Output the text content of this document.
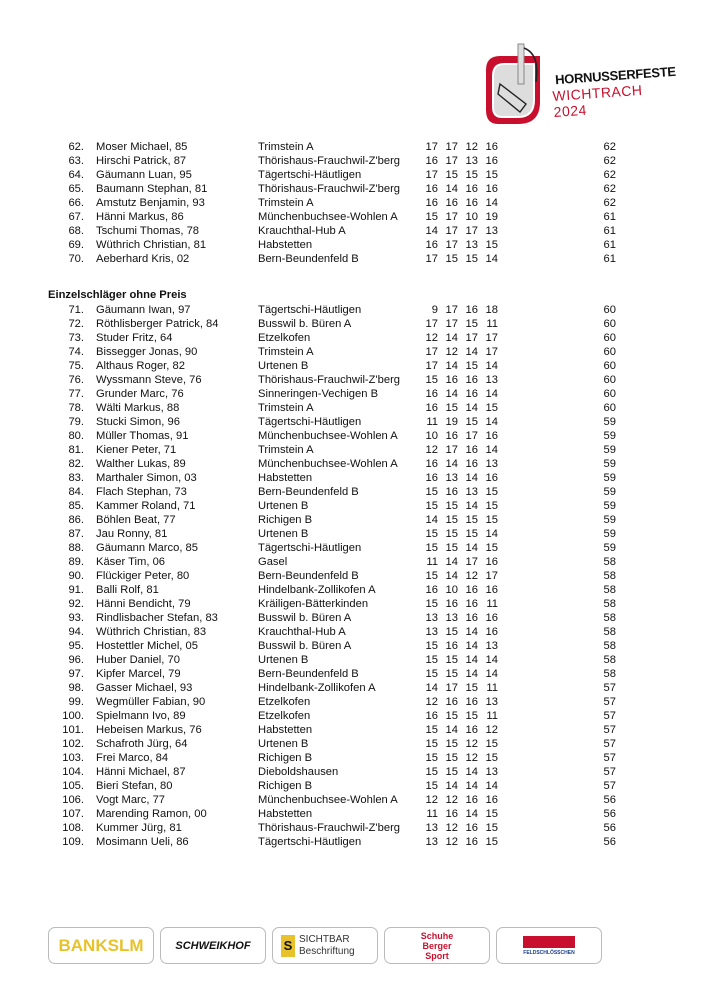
HORNUSSERFESTE
WICHTRACH 2024
62. Moser Michael, 85	Trimstein A	17 17 12 16	62
63. Hirschi Patrick, 87	Thörishaus-Frauchwil-Z'berg	16 17 13 16	62
64. Gäumann Luan, 95	Tägertschi-Häutligen	17 15 15 15	62
65. Baumann Stephan, 81	Thörishaus-Frauchwil-Z'berg	16 14 16 16	62
66. Amstutz Benjamin, 93	Trimstein A	16 16 16 14	62
67. Hänni Markus, 86	Münchenbuchsee-Wohlen A	15 17 10 19	61
68. Tschumi Thomas, 78	Krauchthal-Hub A	14 17 17 13	61
69. Wüthrich Christian, 81	Habstetten	16 17 13 15	61
70. Aeberhard Kris, 02	Bern-Beundenfeld B	17 15 15 14	61
Einzelschläger ohne Preis
71. Gäumann Iwan, 97	Tägertschi-Häutligen	9 17 16 18	60
72. Röthlisberger Patrick, 84	Busswil b. Büren A	17 17 15 11	60
73. Studer Fritz, 64	Etzelkofen	12 14 17 17	60
74. Bissegger Jonas, 90	Trimstein A	17 12 14 17	60
75. Althaus Roger, 82	Urtenen B	17 14 15 14	60
76. Wyssmann Steve, 76	Thörishaus-Frauchwil-Z'berg	15 16 16 13	60
77. Grunder Marc, 76	Sinneringen-Vechigen B	16 14 16 14	60
78. Wälti Markus, 88	Trimstein A	16 15 14 15	60
79. Stucki Simon, 96	Tägertschi-Häutligen	11 19 15 14	59
80. Müller Thomas, 91	Münchenbuchsee-Wohlen A	10 16 17 16	59
81. Kiener Peter, 71	Trimstein A	12 17 16 14	59
82. Walther Lukas, 89	Münchenbuchsee-Wohlen A	16 14 16 13	59
83. Marthaler Simon, 03	Habstetten	16 13 14 16	59
84. Flach Stephan, 73	Bern-Beundenfeld B	15 16 13 15	59
85. Kammer Roland, 71	Urtenen B	15 15 14 15	59
86. Böhlen Beat, 77	Richigen B	14 15 15 15	59
87. Jau Ronny, 81	Urtenen B	15 15 15 14	59
88. Gäumann Marco, 85	Tägertschi-Häutligen	15 15 14 15	59
89. Käser Tim, 06	Gasel	11 14 17 16	58
90. Flückiger Peter, 80	Bern-Beundenfeld B	15 14 12 17	58
91. Balli Rolf, 81	Hindelbank-Zollikofen A	16 10 16 16	58
92. Hänni Bendicht, 79	Kräiligen-Bätterkinden	15 16 16 11	58
93. Rindlisbacher Stefan, 83	Busswil b. Büren A	13 13 16 16	58
94. Wüthrich Christian, 83	Krauchthal-Hub A	13 15 14 16	58
95. Hostettler Michel, 05	Busswil b. Büren A	15 16 14 13	58
96. Huber Daniel, 70	Urtenen B	15 15 14 14	58
97. Kipfer Marcel, 79	Bern-Beundenfeld B	15 15 14 14	58
98. Gasser Michael, 93	Hindelbank-Zollikofen A	14 17 15 11	57
99. Wegmüller Fabian, 90	Etzelkofen	12 16 16 13	57
100. Spielmann Ivo, 89	Etzelkofen	16 15 15 11	57
101. Hebeisen Markus, 76	Habstetten	15 14 16 12	57
102. Schafroth Jürg, 64	Urtenen B	15 15 12 15	57
103. Frei Marco, 84	Richigen B	15 15 12 15	57
104. Hänni Michael, 87	Dieboldshausen	15 15 14 13	57
105. Bieri Stefan, 80	Richigen B	15 14 14 14	57
106. Vogt Marc, 77	Münchenbuchsee-Wohlen A	12 12 16 16	56
107. Marending Ramon, 00	Habstetten	11 16 14 15	56
108. Kummer Jürg, 81	Thörishaus-Frauchwil-Z'berg	13 12 16 15	56
109. Mosimann Ueli, 86	Tägertschi-Häutligen	13 12 16 15	56
BANKSLM	SCHWEIKHOF	S SICHTBAR Beschriftung
Schuhe Berger Sport	FELDSCHLÖSSCHEN
